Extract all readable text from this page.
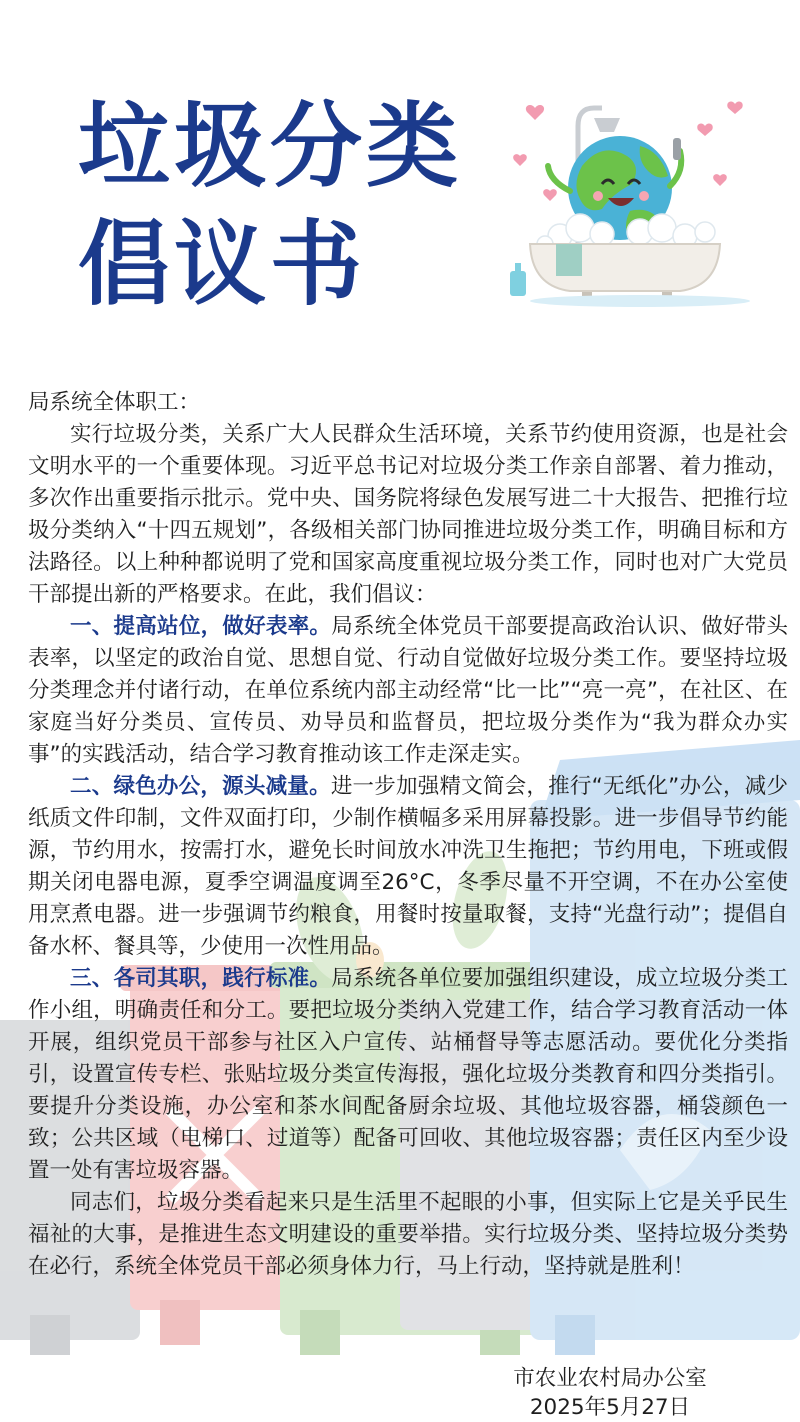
垃圾分类
倡议书

局系统全体职工：

实行垃圾分类，关系广大人民群众生活环境，关系节约使用资源，也是社会文明水平的一个重要体现。习近平总书记对垃圾分类工作亲自部署、着力推动，多次作出重要指示批示。党中央、国务院将绿色发展写进二十大报告、把推行垃圾分类纳入“十四五规划”，各级相关部门协同推进垃圾分类工作，明确目标和方法路径。以上种种都说明了党和国家高度重视垃圾分类工作，同时也对广大党员干部提出新的严格要求。在此，我们倡议：

一、提高站位，做好表率。局系统全体党员干部要提高政治认识、做好带头表率，以坚定的政治自觉、思想自觉、行动自觉做好垃圾分类工作。要坚持垃圾分类理念并付诸行动，在单位系统内部主动经常“比一比”“亮一亮”，在社区、在家庭当好分类员、宣传员、劝导员和监督员，把垃圾分类作为“我为群众办实事”的实践活动，结合学习教育推动该工作走深走实。

二、绿色办公，源头减量。进一步加强精文简会，推行“无纸化”办公，减少纸质文件印制，文件双面打印，少制作横幅多采用屏幕投影。进一步倡导节约能源，节约用水，按需打水，避免长时间放水冲洗卫生拖把；节约用电，下班或假期关闭电器电源，夏季空调温度调至26°C，冬季尽量不开空调，不在办公室使用烹煮电器。进一步强调节约粮食，用餐时按量取餐，支持“光盘行动”；提倡自备水杯、餐具等，少使用一次性用品。

三、各司其职，践行标准。局系统各单位要加强组织建设，成立垃圾分类工作小组，明确责任和分工。要把垃圾分类纳入党建工作，结合学习教育活动一体开展，组织党员干部参与社区入户宣传、站桶督导等志愿活动。要优化分类指引，设置宣传专栏、张贴垃圾分类宣传海报，强化垃圾分类教育和四分类指引。要提升分类设施，办公室和茶水间配备厨余垃圾、其他垃圾容器，桶袋颜色一致；公共区域（电梯口、过道等）配备可回收、其他垃圾容器；责任区内至少设置一处有害垃圾容器。

同志们，垃圾分类看起来只是生活里不起眼的小事，但实际上它是关乎民生福祉的大事，是推进生态文明建设的重要举措。实行垃圾分类、坚持垃圾分类势在必行，系统全体党员干部必须身体力行，马上行动，坚持就是胜利！

市农业农村局办公室
2025年5月27日
